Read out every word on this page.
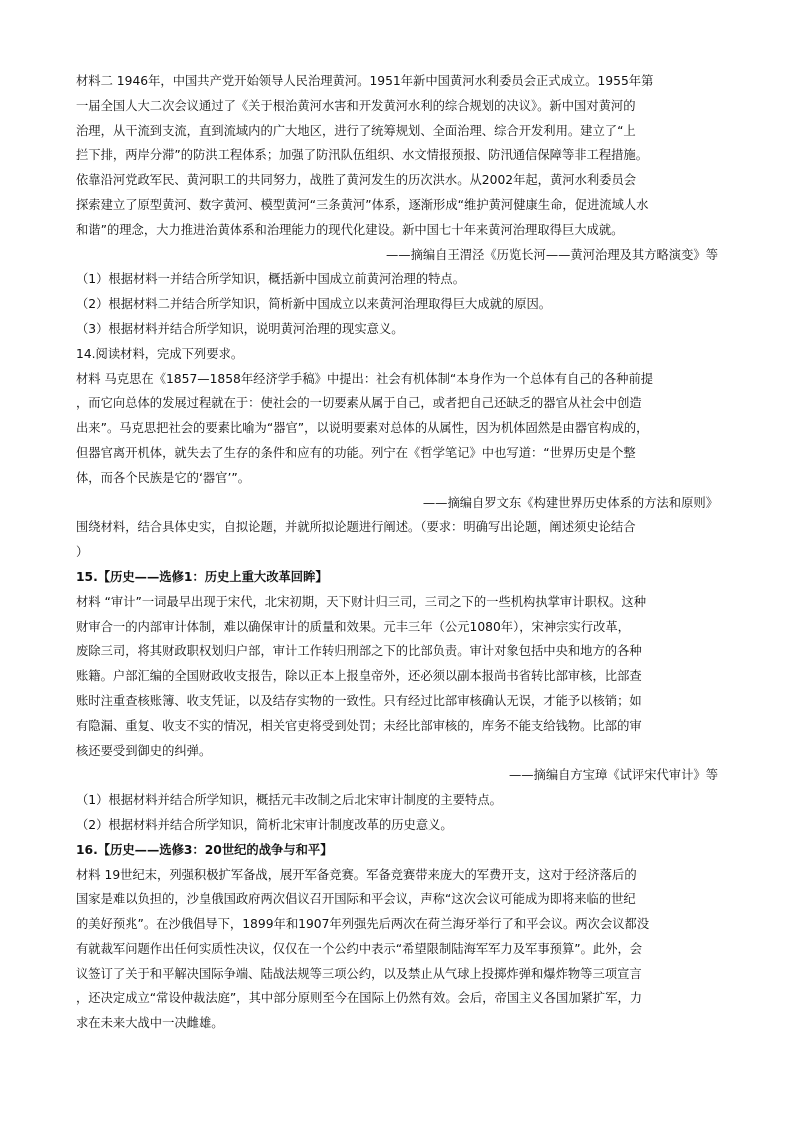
材料二 1946年，中国共产党开始领导人民治理黄河。1951年新中国黄河水利委员会正式成立。1955年第
一届全国人大二次会议通过了《关于根治黄河水害和开发黄河水利的综合规划的决议》。新中国对黄河的
治理，从干流到支流，直到流域内的广大地区，进行了统筹规划、全面治理、综合开发利用。建立了“上
拦下排，两岸分滞”的防洪工程体系；加强了防汛队伍组织、水文情报预报、防汛通信保障等非工程措施。
依靠沿河党政军民、黄河职工的共同努力，战胜了黄河发生的历次洪水。从2002年起，黄河水利委员会
探索建立了原型黄河、数字黄河、模型黄河“三条黄河”体系，逐渐形成“维护黄河健康生命，促进流域人水
和谐”的理念，大力推进治黄体系和治理能力的现代化建设。新中国七十年来黄河治理取得巨大成就。
——摘编自王渭泾《历览长河——黄河治理及其方略演变》等
（1）根据材料一并结合所学知识，概括新中国成立前黄河治理的特点。
（2）根据材料二并结合所学知识，简析新中国成立以来黄河治理取得巨大成就的原因。
（3）根据材料并结合所学知识，说明黄河治理的现实意义。
14.阅读材料，完成下列要求。
材料 马克思在《1857—1858年经济学手稿》中提出：社会有机体制“本身作为一个总体有自己的各种前提
，而它向总体的发展过程就在于：使社会的一切要素从属于自己，或者把自己还缺乏的器官从社会中创造
出来”。马克思把社会的要素比喻为“器官”，以说明要素对总体的从属性，因为机体固然是由器官构成的，
但器官离开机体，就失去了生存的条件和应有的功能。列宁在《哲学笔记》中也写道：“世界历史是个整
体，而各个民族是它的‘器官’”。
——摘编自罗文东《构建世界历史体系的方法和原则》
围绕材料，结合具体史实，自拟论题，并就所拟论题进行阐述。（要求：明确写出论题，阐述须史论结合
）
15.【历史——选修1：历史上重大改革回眸】
材料 “审计”一词最早出现于宋代，北宋初期，天下财计归三司，三司之下的一些机构执掌审计职权。这种
财审合一的内部审计体制，难以确保审计的质量和效果。元丰三年（公元1080年），宋神宗实行改革，
废除三司，将其财政职权划归户部，审计工作转归刑部之下的比部负责。审计对象包括中央和地方的各种
账籍。户部汇编的全国财政收支报告，除以正本上报皇帝外，还必须以副本报尚书省转比部审核，比部查
账时注重查核账簿、收支凭证，以及结存实物的一致性。只有经过比部审核确认无误，才能予以核销；如
有隐漏、重复、收支不实的情况，相关官吏将受到处罚；未经比部审核的，库务不能支给钱物。比部的审
核还要受到御史的纠弹。
——摘编自方宝璋《试评宋代审计》等
（1）根据材料并结合所学知识，概括元丰改制之后北宋审计制度的主要特点。
（2）根据材料并结合所学知识，简析北宋审计制度改革的历史意义。
16.【历史——选修3：20世纪的战争与和平】
材料 19世纪末，列强积极扩军备战，展开军备竞赛。军备竞赛带来庞大的军费开支，这对于经济落后的
国家是难以负担的，沙皇俄国政府两次倡议召开国际和平会议，声称“这次会议可能成为即将来临的世纪
的美好预兆”。在沙俄倡导下，1899年和1907年列强先后两次在荷兰海牙举行了和平会议。两次会议都没
有就裁军问题作出任何实质性决议，仅仅在一个公约中表示“希望限制陆海军军力及军事预算”。此外，会
议签订了关于和平解决国际争端、陆战法规等三项公约，以及禁止从气球上投掷炸弹和爆炸物等三项宣言
，还决定成立“常设仲裁法庭”，其中部分原则至今在国际上仍然有效。会后，帝国主义各国加紧扩军，力
求在未来大战中一决雌雄。
